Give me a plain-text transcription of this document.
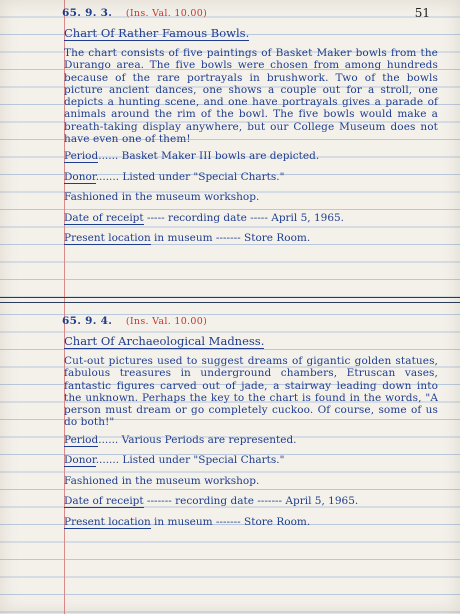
51
65. 9. 3. (Ins. Val. 10.00)
Chart Of Rather Famous Bowls.
The chart consists of five paintings of Basket Maker bowls from the Durango area. The five bowls were chosen from among hundreds because of the rare portrayals in brushwork. Two of the bowls picture ancient dances, one shows a couple out for a stroll, one depicts a hunting scene, and one have portrayals gives a parade of animals around the rim of the bowl. The five bowls would make a breath-taking display anywhere, but our College Museum does not have even one of them!
Period...... Basket Maker III bowls are depicted.
Donor....... Listed under "Special Charts."
Fashioned in the museum workshop.
Date of receipt ----- recording date ----- April 5, 1965.
Present location in museum ------- Store Room.
65. 9. 4. (Ins. Val. 10.00)
Chart Of Archaeological Madness.
Cut-out pictures used to suggest dreams of gigantic golden statues, fabulous treasures in underground chambers, Etruscan vases, fantastic figures carved out of jade, a stairway leading down into the unknown. Perhaps the key to the chart is found in the words, "A person must dream or go completely cuckoo. Of course, some of us do both!"
Period...... Various Periods are represented.
Donor....... Listed under "Special Charts."
Fashioned in the museum workshop.
Date of receipt ------- recording date ------- April 5, 1965.
Present location in museum ------- Store Room.
